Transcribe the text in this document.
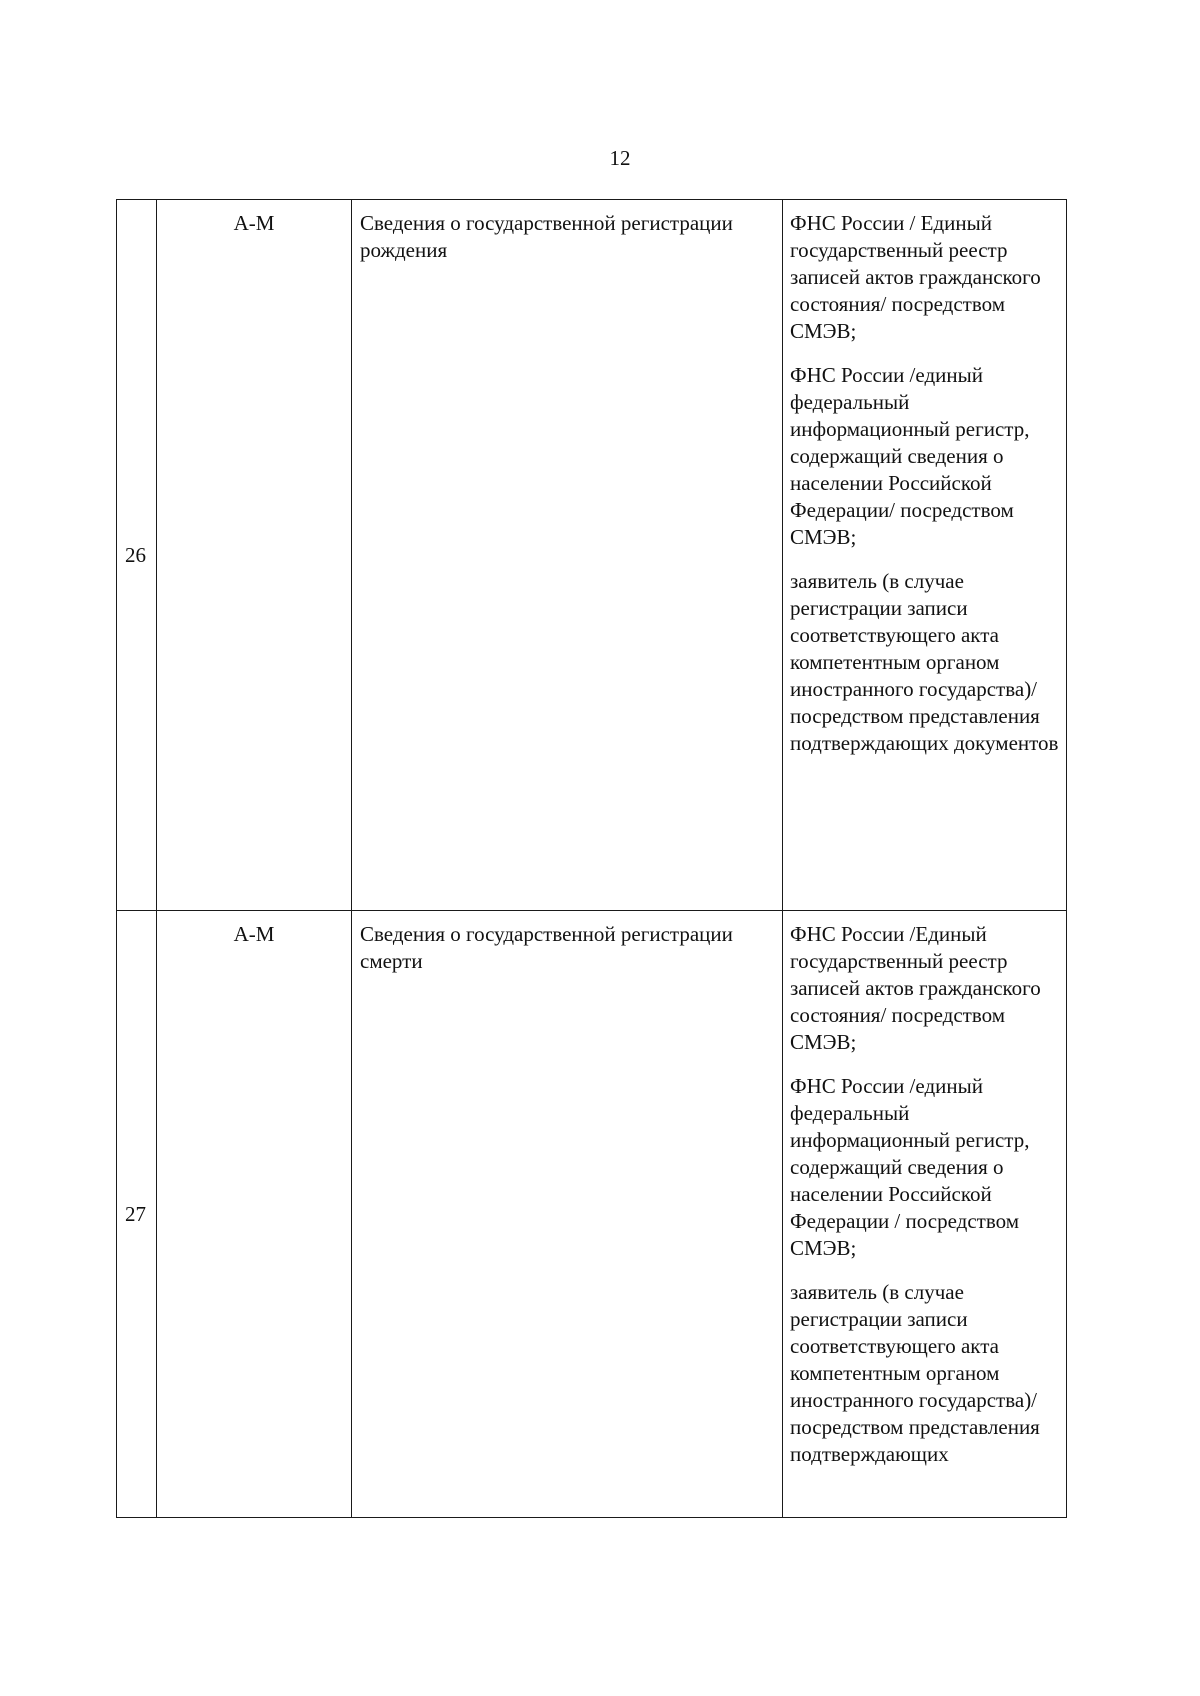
12
26	А-М	Сведения о государственной регистрации рождения	ФНС России / Единый государственный реестр записей актов гражданского состояния/ посредством СМЭВ;
ФНС России /единый федеральный информационный регистр, содержащий сведения о населении Российской Федерации/ посредством СМЭВ;
заявитель (в случае регистрации записи соответствующего акта компетентным органом иностранного государства)/посредством представления подтверждающих документов

27	А-М	Сведения о государственной регистрации смерти	ФНС России /Единый государственный реестр записей актов гражданского состояния/ посредством СМЭВ;
ФНС России /единый федеральный информационный регистр, содержащий сведения о населении Российской Федерации / посредством СМЭВ;
заявитель (в случае регистрации записи соответствующего акта компетентным органом иностранного государства)/посредством представления подтверждающих
